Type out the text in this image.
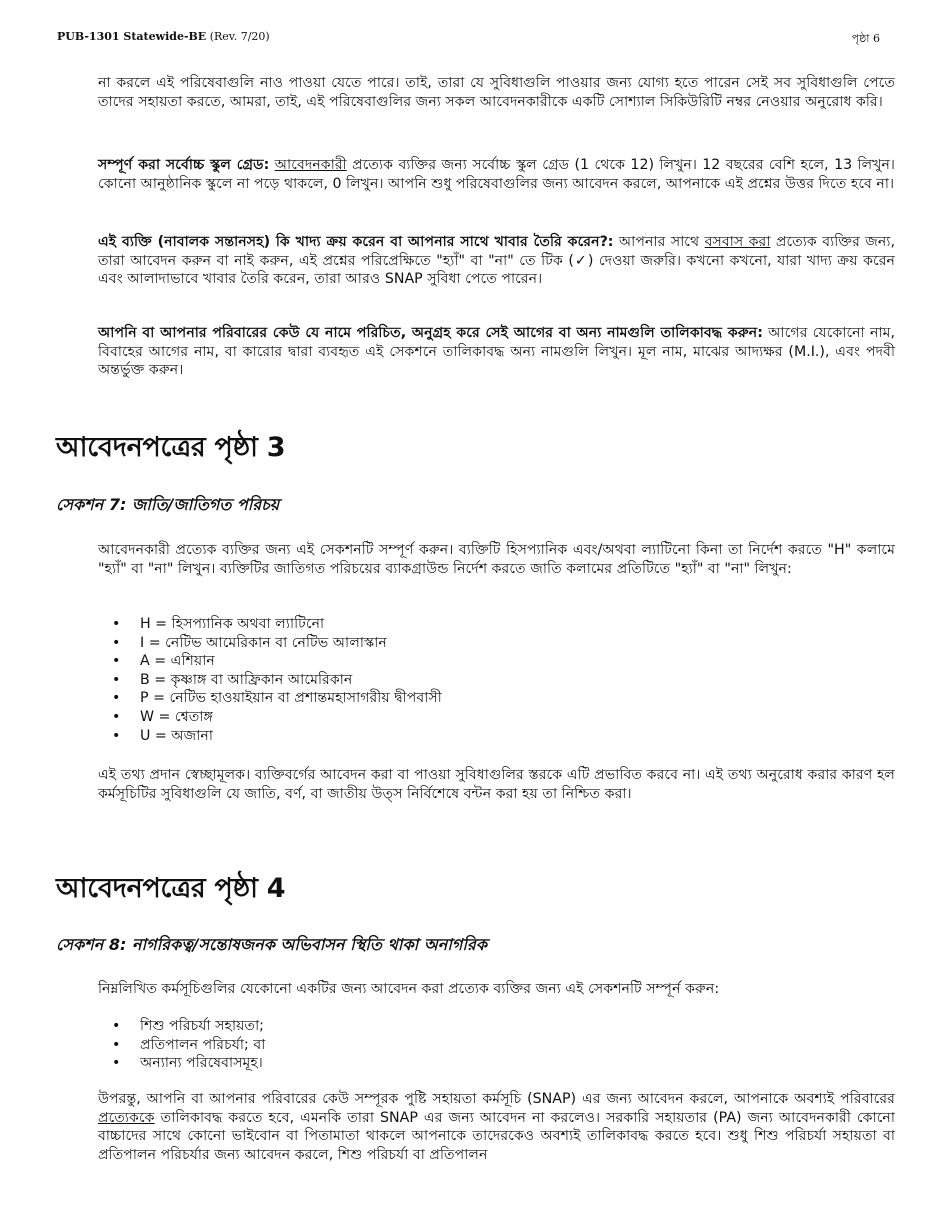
PUB-1301 Statewide-BE (Rev. 7/20)	পৃষ্ঠা 6

না করলে এই পরিষেবাগুলি নাও পাওয়া যেতে পারে। তাই, তারা যে সুবিধাগুলি পাওয়ার জন্য যোগ্য হতে পারেন সেই সব সুবিধাগুলি পেতে তাদের সহায়তা করতে, আমরা, তাই, এই পরিষেবাগুলির জন্য সকল আবেদনকারীকে একটি সোশ্যাল সিকিউরিটি নম্বর নেওয়ার অনুরোধ করি।

সম্পূর্ণ করা সর্বোচ্চ স্কুল গ্রেড: আবেদনকারী প্রত্যেক ব্যক্তির জন্য সর্বোচ্চ স্কুল গ্রেড (1 থেকে 12) লিখুন। 12 বছরের বেশি হলে, 13 লিখুন। কোনো আনুষ্ঠানিক স্কুলে না পড়ে থাকলে, 0 লিখুন। আপনি শুধু পরিষেবাগুলির জন্য আবেদন করলে, আপনাকে এই প্রশ্নের উত্তর দিতে হবে না।

এই ব্যক্তি (নাবালক সন্তানসহ) কি খাদ্য ক্রয় করেন বা আপনার সাথে খাবার তৈরি করেন?: আপনার সাথে বসবাস করা প্রত্যেক ব্যক্তির জন্য, তারা আবেদন করুন বা নাই করুন, এই প্রশ্নের পরিপ্রেক্ষিতে "হ্যাঁ" বা "না" তে টিক (✓) দেওয়া জরুরি। কখনো কখনো, যারা খাদ্য ক্রয় করেন এবং আলাদাভাবে খাবার তৈরি করেন, তারা আরও SNAP সুবিধা পেতে পারেন।

আপনি বা আপনার পরিবারের কেউ যে নামে পরিচিত, অনুগ্রহ করে সেই আগের বা অন্য নামগুলি তালিকাবদ্ধ করুন: আগের যেকোনো নাম, বিবাহের আগের নাম, বা কারোর দ্বারা ব্যবহৃত এই সেকশনে তালিকাবদ্ধ অন্য নামগুলি লিখুন। মূল নাম, মাঝের আদ্যক্ষর (M.I.), এবং পদবী অন্তর্ভুক্ত করুন।

আবেদনপত্রের পৃষ্ঠা 3
সেকশন 7: জাতি/জাতিগত পরিচয়

আবেদনকারী প্রত্যেক ব্যক্তির জন্য এই সেকশনটি সম্পূর্ণ করুন। ব্যক্তিটি হিসপ্যানিক এবং/অথবা ল্যাটিনো কিনা তা নির্দেশ করতে "H" কলামে "হ্যাঁ" বা "না" লিখুন। ব্যক্তিটির জাতিগত পরিচয়ের ব্যাকগ্রাউন্ড নির্দেশ করতে জাতি কলামের প্রতিটিতে "হ্যাঁ" বা "না" লিখুন:

• H = হিসপ্যানিক অথবা ল্যাটিনো
• I = নেটিভ আমেরিকান বা নেটিভ আলাস্কান
• A = এশিয়ান
• B = কৃষ্ণাঙ্গ বা আফ্রিকান আমেরিকান
• P = নেটিভ হাওয়াইয়ান বা প্রশান্তমহাসাগরীয় দ্বীপবাসী
• W = শ্বেতাঙ্গ
• U = অজানা

এই তথ্য প্রদান স্বেচ্ছামূলক। ব্যক্তিবর্গের আবেদন করা বা পাওয়া সুবিধাগুলির স্তরকে এটি প্রভাবিত করবে না। এই তথ্য অনুরোধ করার কারণ হল কর্মসূচিটির সুবিধাগুলি যে জাতি, বর্ণ, বা জাতীয় উত্স নির্বিশেষে বন্টন করা হয় তা নিশ্চিত করা।

আবেদনপত্রের পৃষ্ঠা 4
সেকশন 8: নাগরিকত্ব/সন্তোষজনক অভিবাসন স্থিতি থাকা অনাগরিক

নিম্নলিখিত কর্মসূচিগুলির যেকোনো একটির জন্য আবেদন করা প্রত্যেক ব্যক্তির জন্য এই সেকশনটি সম্পূর্ন করুন:

• শিশু পরিচর্যা সহায়তা;
• প্রতিপালন পরিচর্যা; বা
• অন্যান্য পরিষেবাসমূহ।

উপরন্তু, আপনি বা আপনার পরিবারের কেউ সম্পূরক পুষ্টি সহায়তা কর্মসূচি (SNAP) এর জন্য আবেদন করলে, আপনাকে অবশ্যই পরিবারের প্রত্যেককে তালিকাবদ্ধ করতে হবে, এমনকি তারা SNAP এর জন্য আবেদন না করলেও। সরকারি সহায়তার (PA) জন্য আবেদনকারী কোনো বাচ্চাদের সাথে কোনো ভাইবোন বা পিতামাতা থাকলে আপনাকে তাদেরকেও অবশ্যই তালিকাবদ্ধ করতে হবে। শুধু শিশু পরিচর্যা সহায়তা বা প্রতিপালন পরিচর্যার জন্য আবেদন করলে, শিশু পরিচর্যা বা প্রতিপালন
